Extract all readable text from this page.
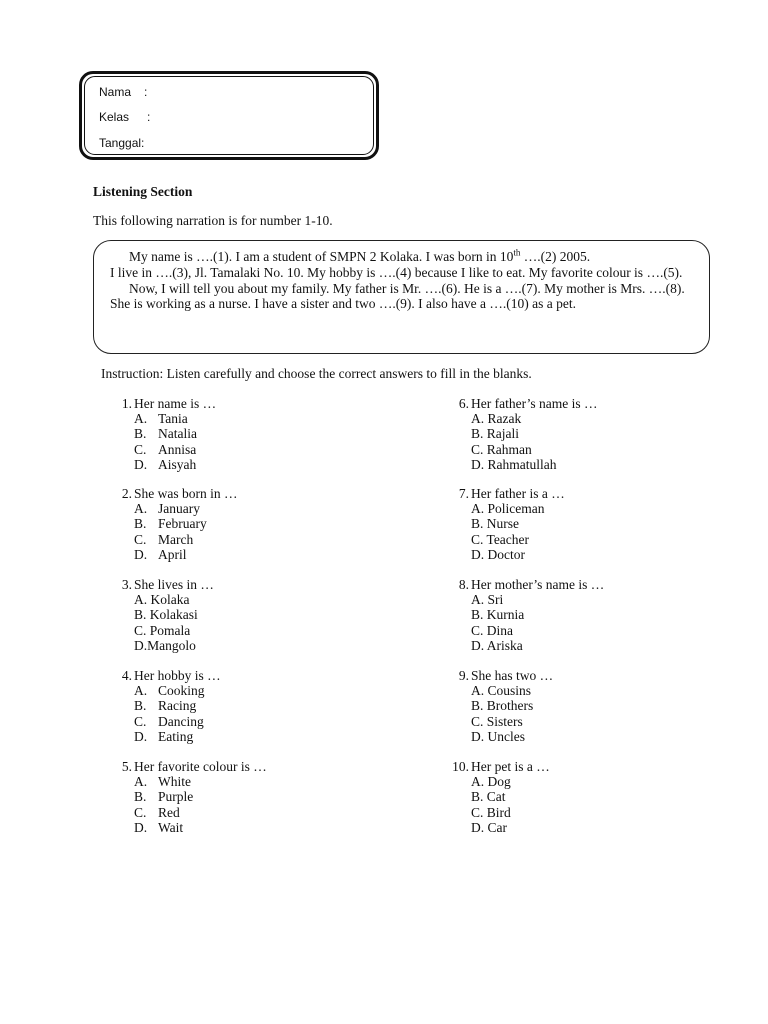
Nama :
Kelas :
Tanggal:
Listening Section
This following narration is for number 1-10.

My name is ….(1). I am a student of SMPN 2 Kolaka. I was born in 10th ….(2) 2005.
I live in ….(3), Jl. Tamalaki No. 10. My hobby is ….(4) because I like to eat. My favorite colour is ….(5).

Now, I will tell you about my family. My father is Mr. ….(6). He is a ….(7). My mother is Mrs. ….(8). She is working as a nurse. I have a sister and two ….(9). I also have a ….(10) as a pet.

Instruction: Listen carefully and choose the correct answers to fill in the blanks.
1. Her name is …
A. Tania
B. Natalia
C. Annisa
D. Aisyah
2. She was born in …
A. January
B. February
C. March
D. April
3. She lives in …
A. Kolaka
B. Kolakasi
C. Pomala
D.Mangolo
4. Her hobby is …
A. Cooking
B. Racing
C. Dancing
D. Eating
5. Her favorite colour is …
A. White
B. Purple
C. Red
D. Wait
6. Her father’s name is …
A. Razak
B. Rajali
C. Rahman
D. Rahmatullah
7. Her father is a …
A. Policeman
B. Nurse
C. Teacher
D. Doctor
8. Her mother’s name is …
A. Sri
B. Kurnia
C. Dina
D. Ariska
9. She has two …
A. Cousins
B. Brothers
C. Sisters
D. Uncles
10. Her pet is a …
A. Dog
B. Cat
C. Bird
D. Car
